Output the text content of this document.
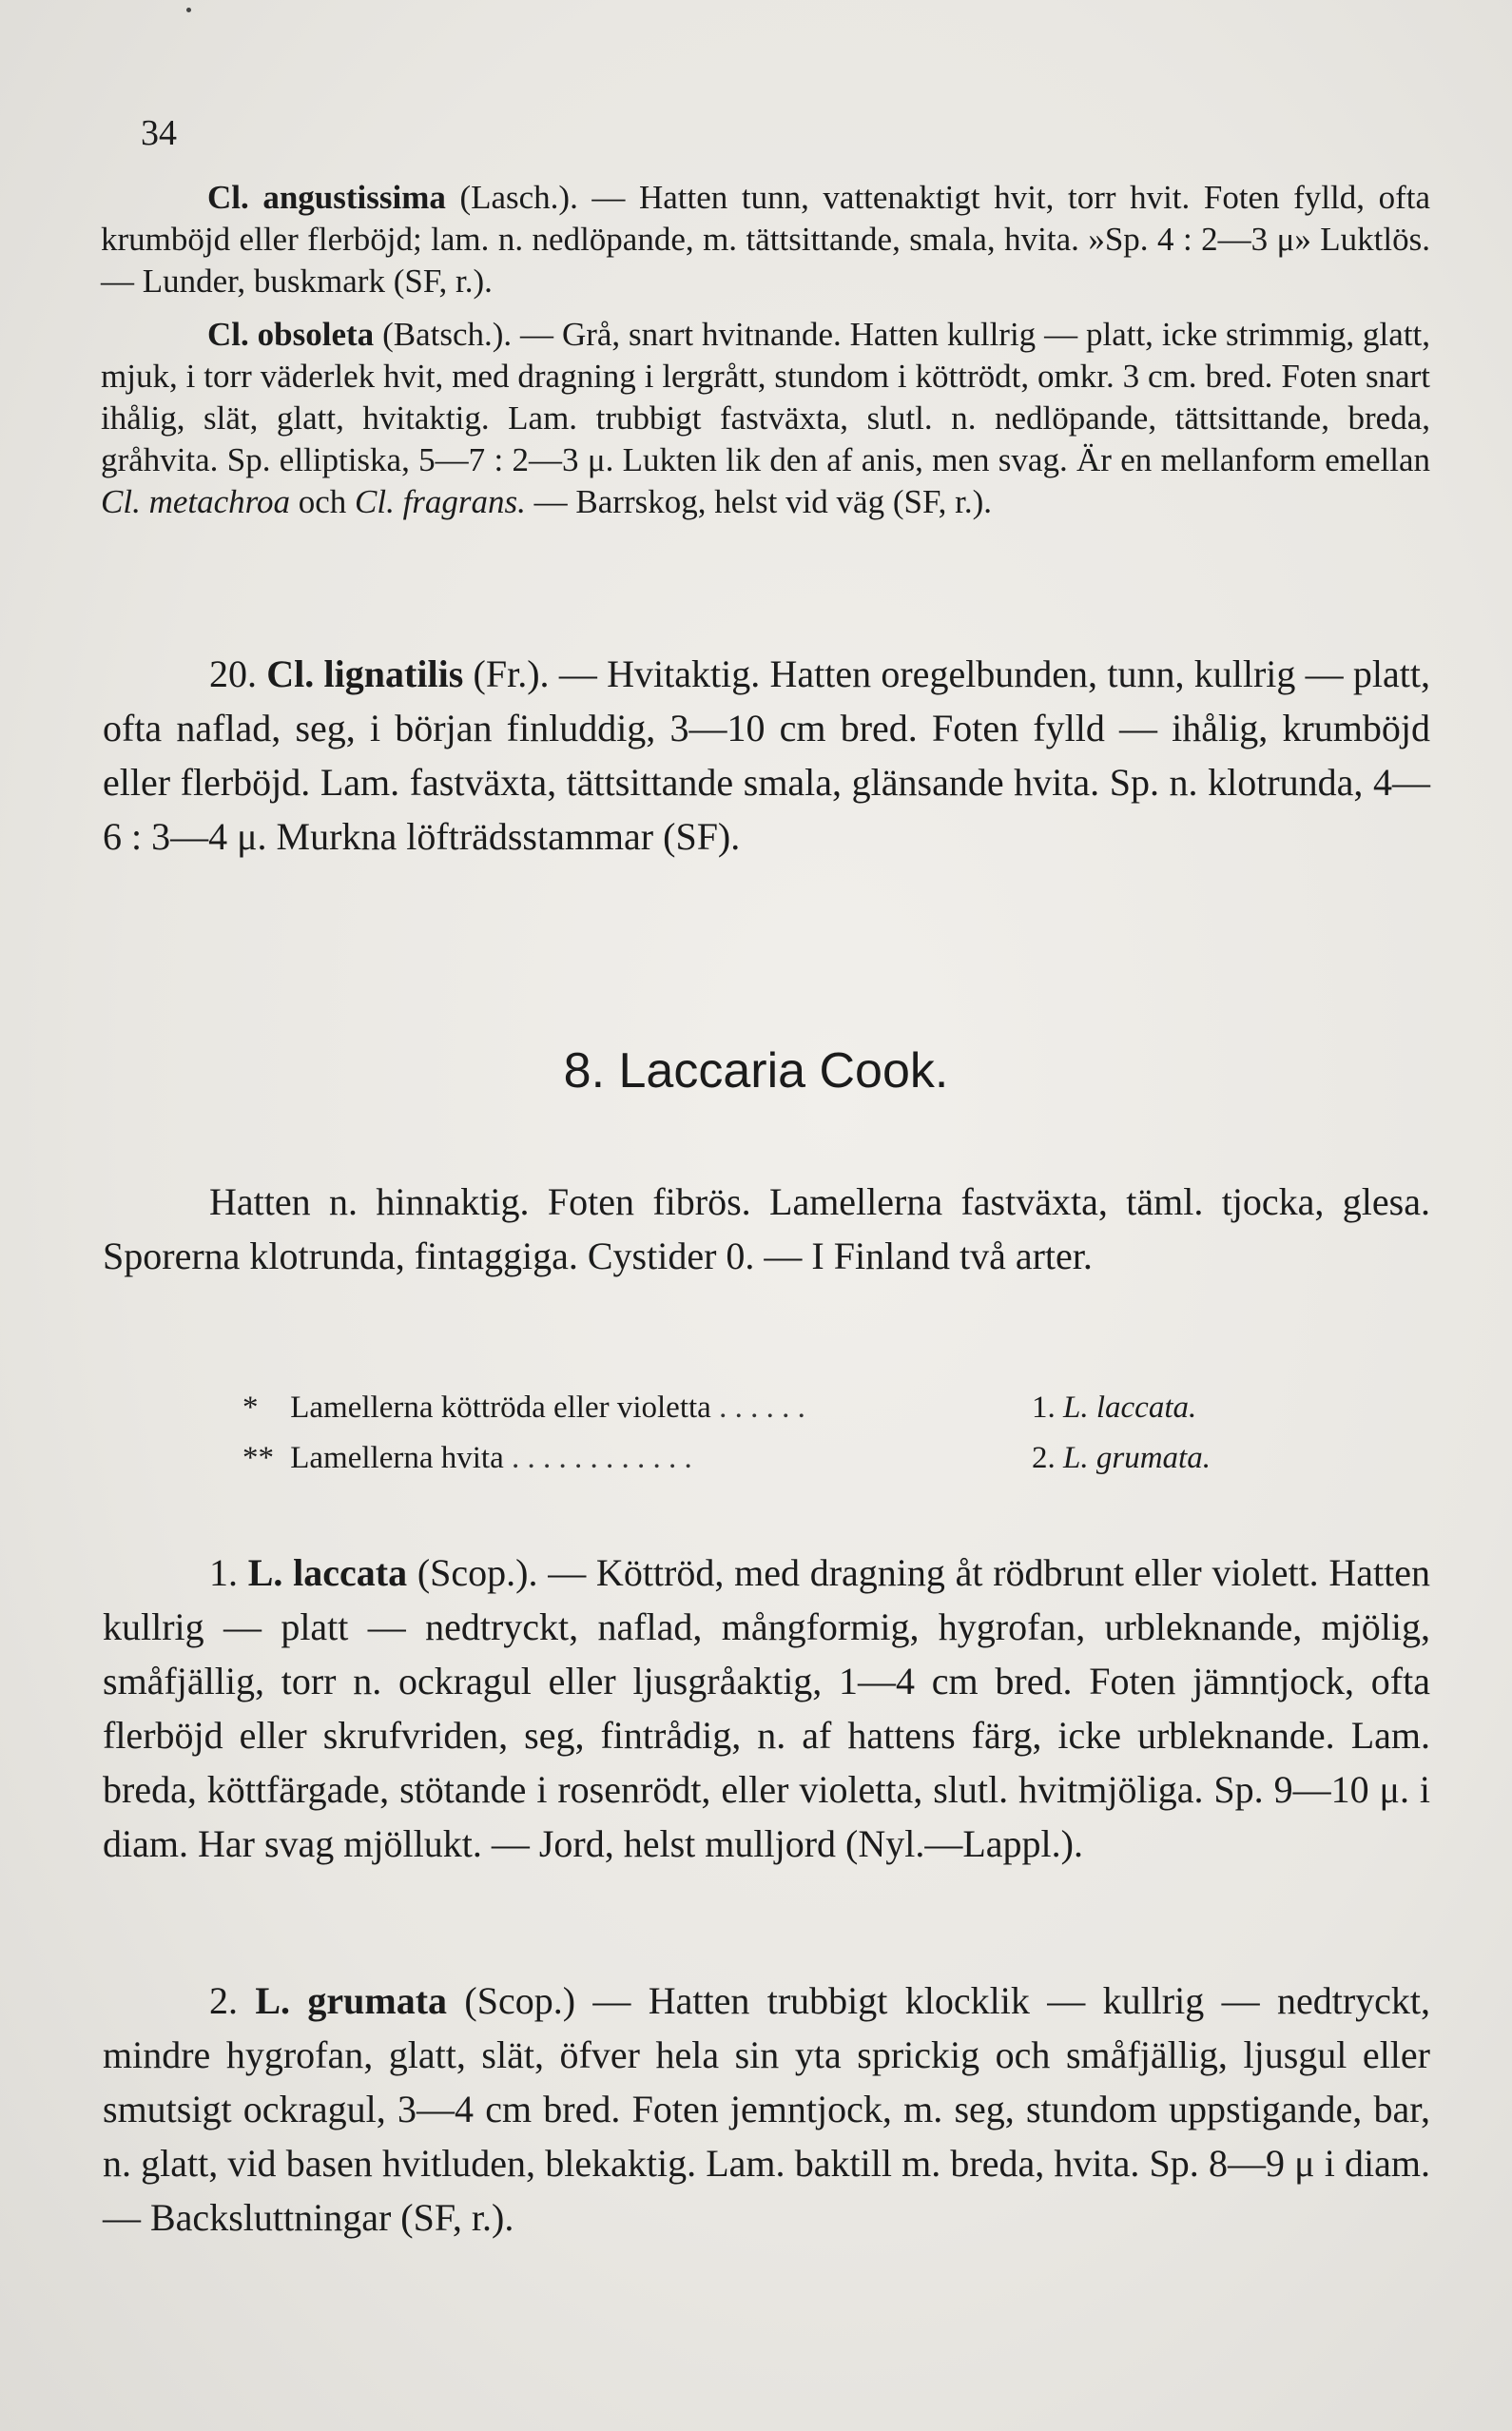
34
Cl. angustissima (Lasch.). — Hatten tunn, vattenaktigt hvit, torr hvit. Foten fylld, ofta krumböjd eller flerböjd; lam. n. nedlöpande, m. tättsittande, smala, hvita. »Sp. 4 : 2—3 μ» Luktlös. — Lunder, buskmark (SF, r.).
Cl. obsoleta (Batsch.). — Grå, snart hvitnande. Hatten kullrig — platt, icke strimmig, glatt, mjuk, i torr väderlek hvit, med dragning i lergrått, stundom i köttrödt, omkr. 3 cm. bred. Foten snart ihålig, slät, glatt, hvitaktig. Lam. trubbigt fastväxta, slutl. n. nedlöpande, tättsittande, breda, gråhvita. Sp. elliptiska, 5—7 : 2—3 μ. Lukten lik den af anis, men svag. Är en mellanform emellan Cl. metachroa och Cl. fragrans. — Barrskog, helst vid väg (SF, r.).
20. Cl. lignatilis (Fr.). — Hvitaktig. Hatten oregelbunden, tunn, kullrig — platt, ofta naflad, seg, i början finluddig, 3—10 cm bred. Foten fylld — ihålig, krumböjd eller flerböjd. Lam. fastväxta, tättsittande smala, glänsande hvita. Sp. n. klotrunda, 4—6 : 3—4 μ. Murkna löfträdsstammar (SF).
8. Laccaria Cook.
Hatten n. hinnaktig. Foten fibrös. Lamellerna fastväxta, täml. tjocka, glesa. Sporerna klotrunda, fintaggiga. Cystider 0. — I Finland två arter.
* Lamellerna köttröda eller violetta . . . . . .	1. L. laccata.
** Lamellerna hvita . . . . . . . . . . . .	2. L. grumata.
1. L. laccata (Scop.). — Köttröd, med dragning åt rödbrunt eller violett. Hatten kullrig — platt — nedtryckt, naflad, mångformig, hygrofan, urbleknande, mjölig, småfjällig, torr n. ockragul eller ljusgråaktig, 1—4 cm bred. Foten jämntjock, ofta flerböjd eller skrufvriden, seg, fintrådig, n. af hattens färg, icke urbleknande. Lam. breda, köttfärgade, stötande i rosenrödt, eller violetta, slutl. hvitmjöliga. Sp. 9—10 μ. i diam. Har svag mjöllukt. — Jord, helst mulljord (Nyl.—Lappl.).
2. L. grumata (Scop.) — Hatten trubbigt klocklik — kullrig — nedtryckt, mindre hygrofan, glatt, slät, öfver hela sin yta sprickig och småfjällig, ljusgul eller smutsigt ockragul, 3—4 cm bred. Foten jemntjock, m. seg, stundom uppstigande, bar, n. glatt, vid basen hvitluden, blekaktig. Lam. baktill m. breda, hvita. Sp. 8—9 μ i diam. — Backsluttningar (SF, r.).
